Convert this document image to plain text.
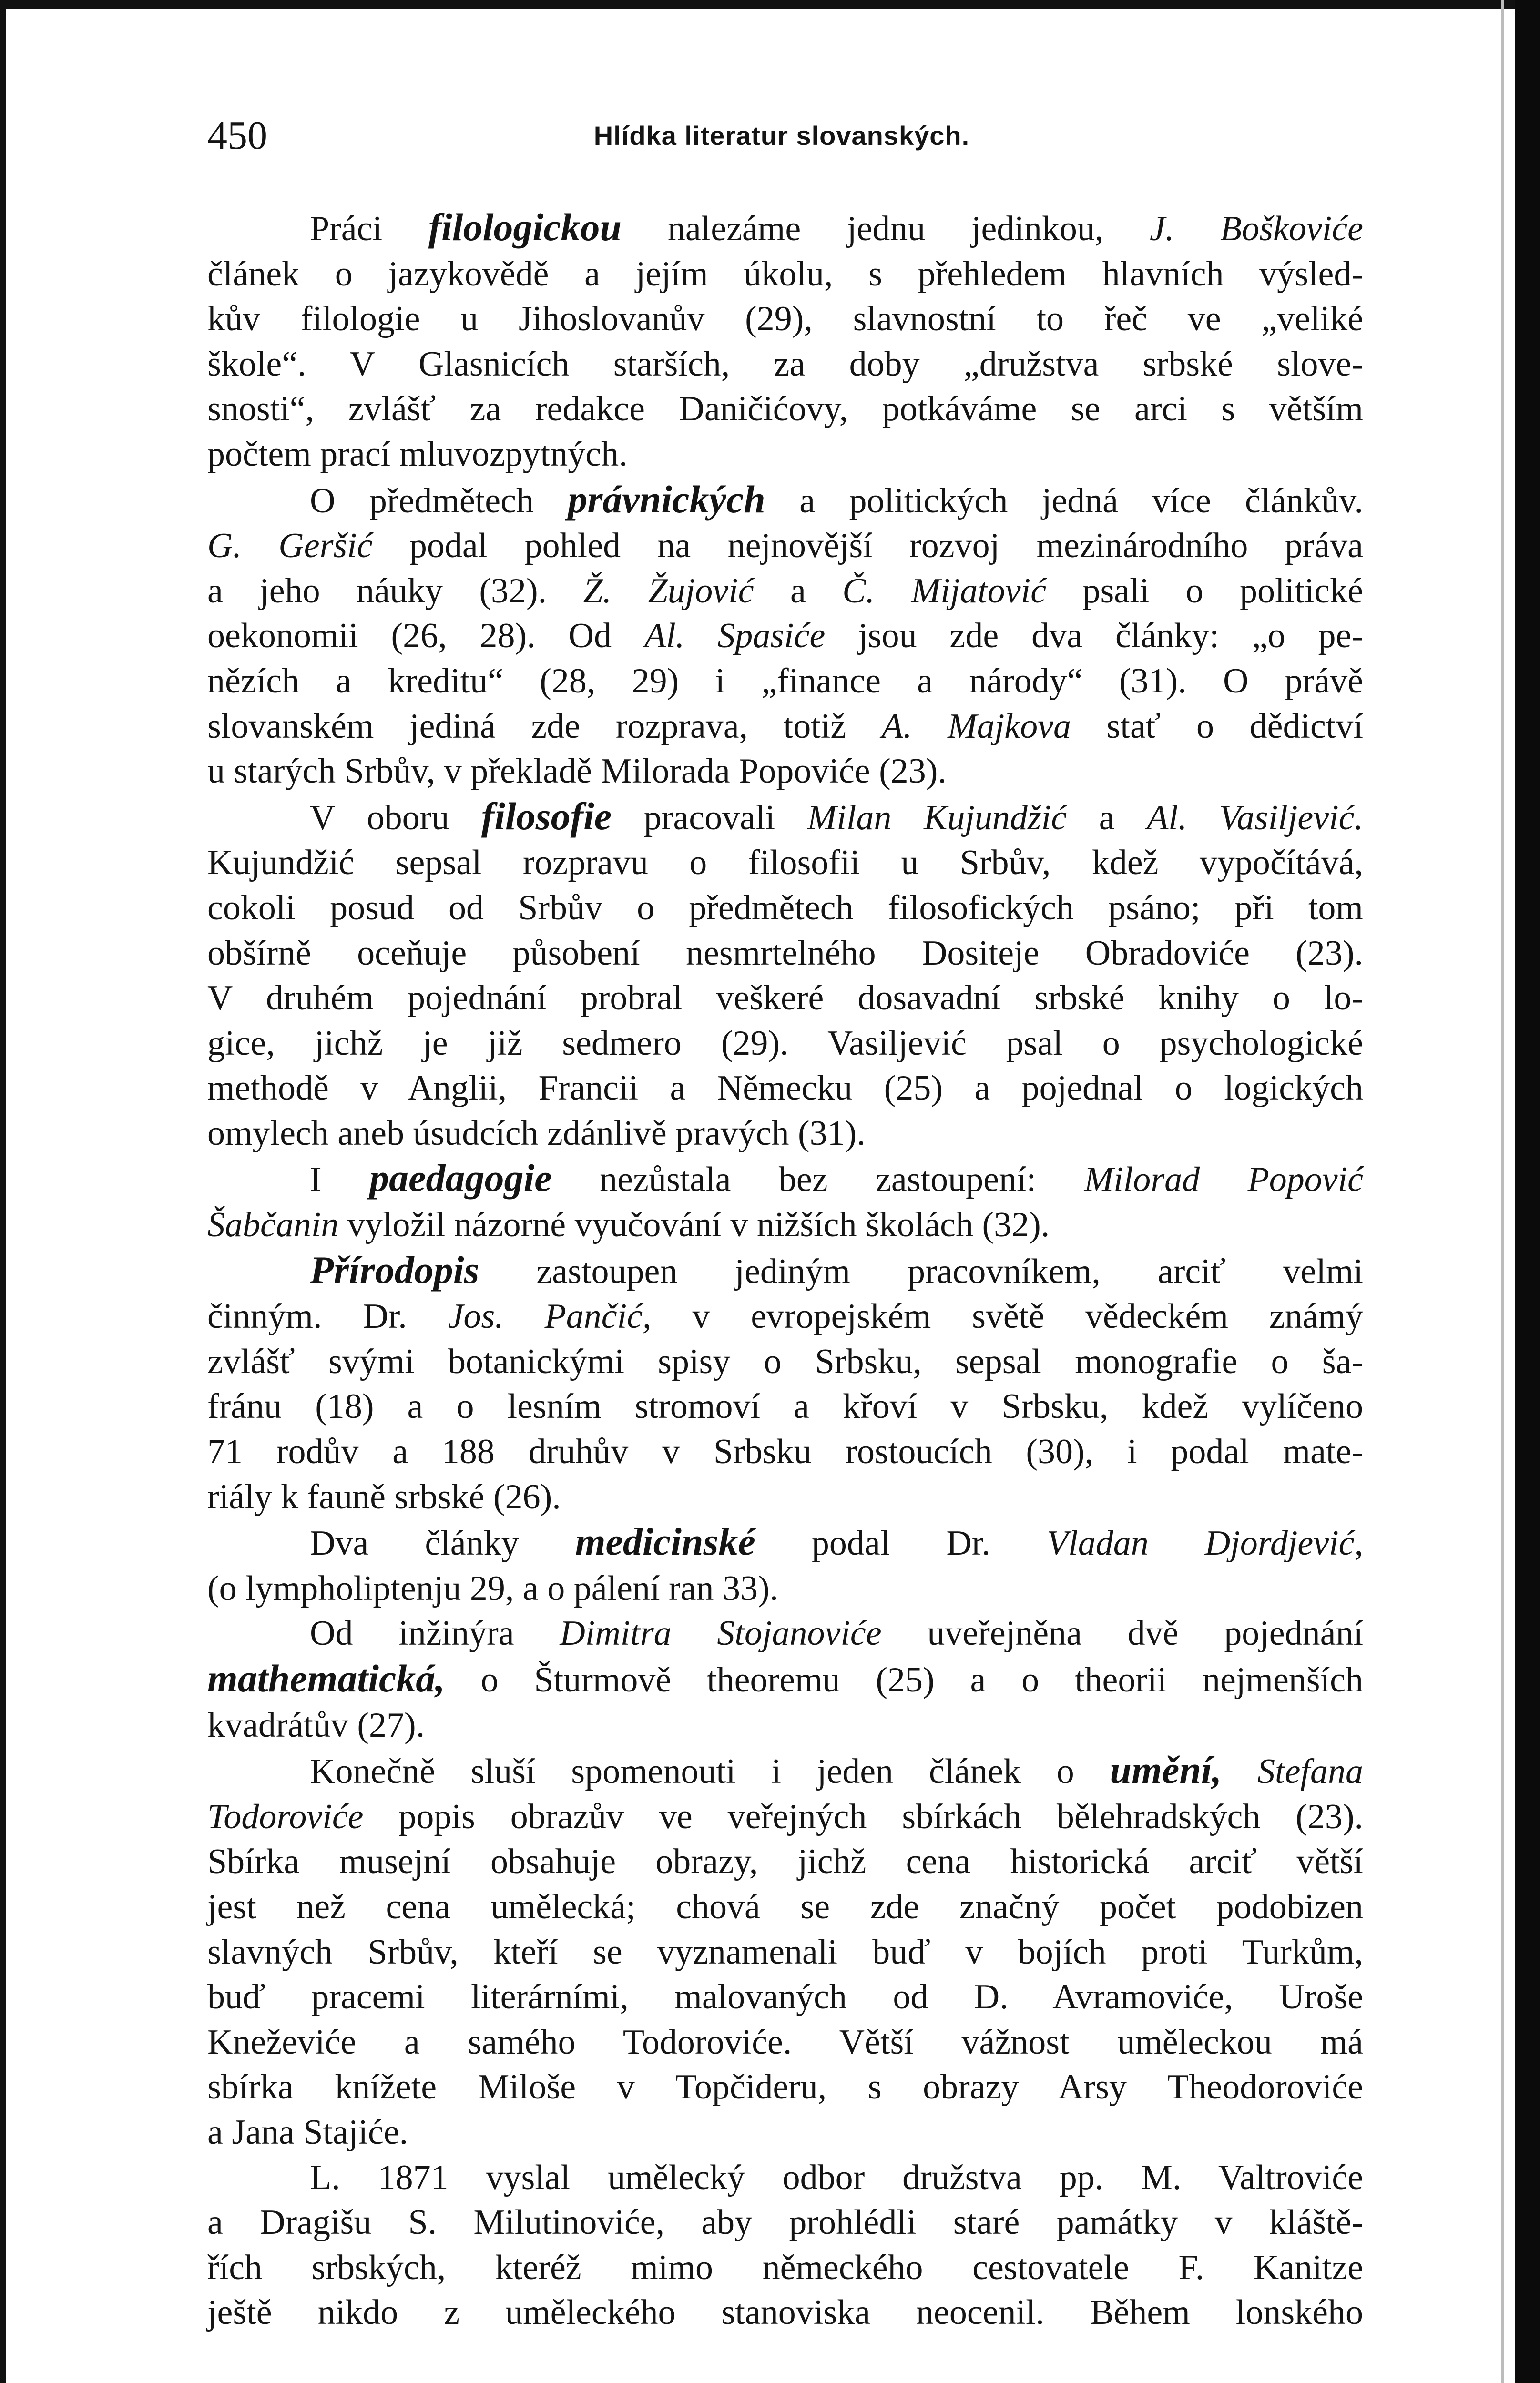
450	Hlídka literatur slovanských.
Práci filologickou nalezáme jednu jedinkou, J. Boškoviće
článek o jazykovědě a jejím úkolu, s přehledem hlavních výsled-
kův filologie u Jihoslovanův (29), slavnostní to řeč ve „veliké
škole“. V Glasnicích starších, za doby „družstva srbské slove-
snosti“, zvlášť za redakce Daničićovy, potkáváme se arci s větším
počtem prací mluvozpytných.
O předmětech právnických a politických jedná více článkův.
G. Geršić podal pohled na nejnovější rozvoj mezinárodního práva
a jeho náuky (32). Ž. Žujović a Č. Mijatović psali o politické
oekonomii (26, 28). Od Al. Spasiće jsou zde dva články: „o pe-
nězích a kreditu“ (28, 29) i „finance a národy“ (31). O právě
slovanském jediná zde rozprava, totiž A. Majkova stať o dědictví
u starých Srbův, v překladě Milorada Popoviće (23).
V oboru filosofie pracovali Milan Kujundžić a Al. Vasiljević.
Kujundžić sepsal rozpravu o filosofii u Srbův, kdež vypočítává,
cokoli posud od Srbův o předmětech filosofických psáno; při tom
obšírně oceňuje působení nesmrtelného Dositeje Obradoviće (23).
V druhém pojednání probral veškeré dosavadní srbské knihy o lo-
gice, jichž je již sedmero (29). Vasiljević psal o psychologické
methodě v Anglii, Francii a Německu (25) a pojednal o logických
omylech aneb úsudcích zdánlivě pravých (31).
I paedagogie nezůstala bez zastoupení: Milorad Popović
Šabčanin vyložil názorné vyučování v nižších školách (32).
Přírodopis zastoupen jediným pracovníkem, arciť velmi
činným. Dr. Jos. Pančić, v evropejském světě vědeckém známý
zvlášť svými botanickými spisy o Srbsku, sepsal monografie o ša-
fránu (18) a o lesním stromoví a křoví v Srbsku, kdež vylíčeno
71 rodův a 188 druhův v Srbsku rostoucích (30), i podal mate-
riály k fauně srbské (26).
Dva články medicinské podal Dr. Vladan Djordjević,
(o lympholiptenju 29, a o pálení ran 33).
Od inžinýra Dimitra Stojanoviće uveřejněna dvě pojednání
mathematická, o Šturmově theoremu (25) a o theorii nejmenších
kvadrátův (27).
Konečně sluší spomenouti i jeden článek o umění, Stefana
Todoroviće popis obrazův ve veřejných sbírkách bělehradských (23).
Sbírka musejní obsahuje obrazy, jichž cena historická arciť větší
jest než cena umělecká; chová se zde značný počet podobizen
slavných Srbův, kteří se vyznamenali buď v bojích proti Turkům,
buď pracemi literárními, malovaných od D. Avramoviće, Uroše
Kneževiće a samého Todoroviće. Větší vážnost uměleckou má
sbírka knížete Miloše v Topčideru, s obrazy Arsy Theodoroviće
a Jana Stajiće.
L. 1871 vyslal umělecký odbor družstva pp. M. Valtroviće
a Dragišu S. Milutinoviće, aby prohlédli staré památky v kláště-
řích srbských, kteréž mimo německého cestovatele F. Kanitze
ještě nikdo z uměleckého stanoviska neocenil. Během lonského
